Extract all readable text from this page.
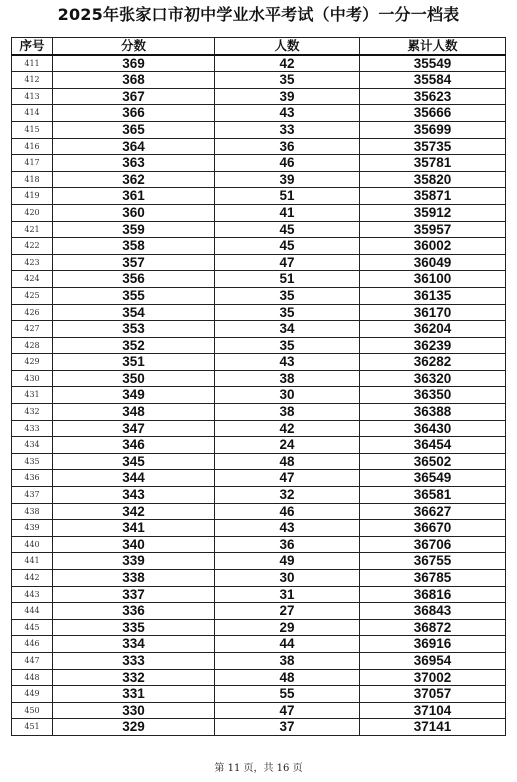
2025年张家口市初中学业水平考试（中考）一分一档表
序号	分数	人数	累计人数
411	369	42	35549
412	368	35	35584
413	367	39	35623
414	366	43	35666
415	365	33	35699
416	364	36	35735
417	363	46	35781
418	362	39	35820
419	361	51	35871
420	360	41	35912
421	359	45	35957
422	358	45	36002
423	357	47	36049
424	356	51	36100
425	355	35	36135
426	354	35	36170
427	353	34	36204
428	352	35	36239
429	351	43	36282
430	350	38	36320
431	349	30	36350
432	348	38	36388
433	347	42	36430
434	346	24	36454
435	345	48	36502
436	344	47	36549
437	343	32	36581
438	342	46	36627
439	341	43	36670
440	340	36	36706
441	339	49	36755
442	338	30	36785
443	337	31	36816
444	336	27	36843
445	335	29	36872
446	334	44	36916
447	333	38	36954
448	332	48	37002
449	331	55	37057
450	330	47	37104
451	329	37	37141
第 11 页，共 16 页
